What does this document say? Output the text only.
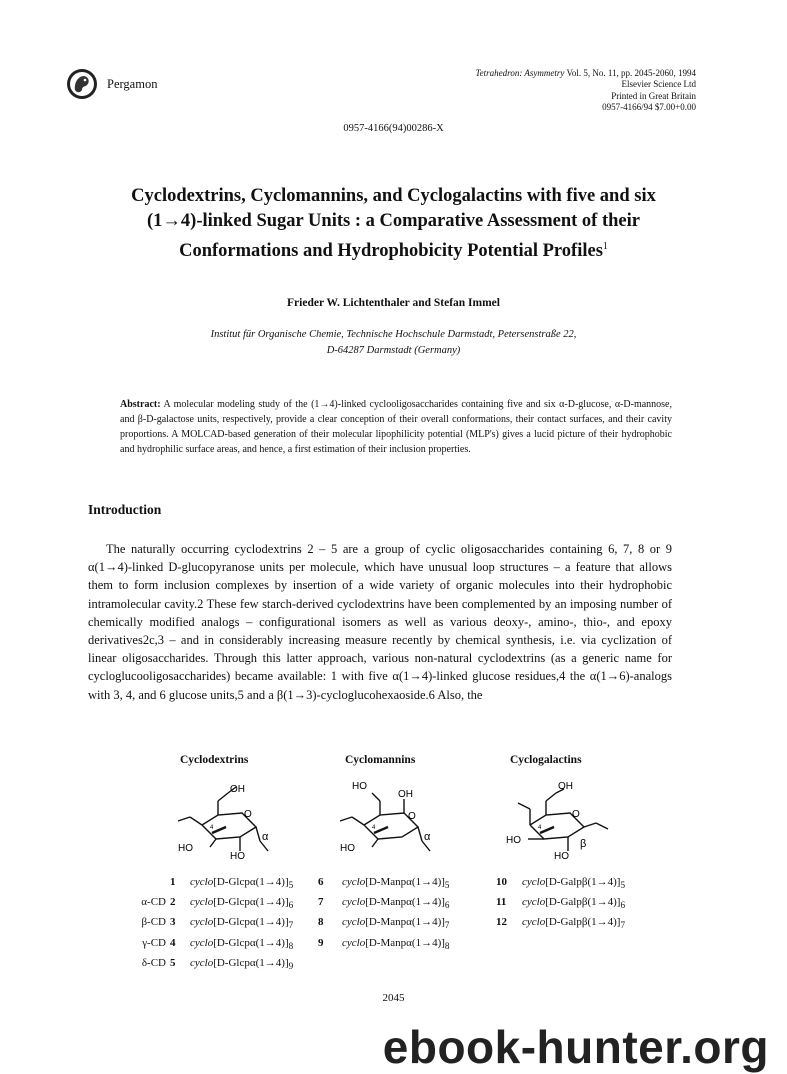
Pergamon
Tetrahedron: Asymmetry Vol. 5, No. 11, pp. 2045-2060, 1994
Elsevier Science Ltd
Printed in Great Britain
0957-4166/94 $7.00+0.00
0957-4166(94)00286-X
Cyclodextrins, Cyclomannins, and Cyclogalactins with five and six
(1→4)-linked Sugar Units : a Comparative Assessment of their
Conformations and Hydrophobicity Potential Profiles$^1$
Frieder W. Lichtenthaler and Stefan Immel
Institut für Organische Chemie, Technische Hochschule Darmstadt, Petersenstraße 22,
D-64287 Darmstadt (Germany)
Abstract: A molecular modeling study of the (1→4)-linked cyclooligosaccharides containing five and six α-D-glucose, α-D-mannose, and β-D-galactose units, respectively, provide a clear conception of their overall conformations, their contact surfaces, and their cavity proportions. A MOLCAD-based generation of their molecular lipophilicity potential (MLP's) gives a lucid picture of their hydrophobic and hydrophilic surface areas, and hence, a first estimation of their inclusion properties.
Introduction
The naturally occurring cyclodextrins 2 – 5 are a group of cyclic oligosaccharides containing 6, 7, 8 or 9 α(1→4)-linked D-glucopyranose units per molecule, which have unusual loop structures – a feature that allows them to form inclusion complexes by insertion of a wide variety of organic molecules into their hydrophobic intramolecular cavity.2 These few starch-derived cyclodextrins have been complemented by an imposing number of chemically modified analogs – configurational isomers as well as various deoxy-, amino-, thio-, and epoxy derivatives2c,3 – and in considerably increasing measure recently by chemical synthesis, i.e. via cyclization of linear oligosaccharides. Through this latter approach, various non-natural cyclodextrins (as a generic name for cycloglucooligosaccharides) became available: 1 with five α(1→4)-linked glucose residues,4 the α(1→6)-analogs with 3, 4, and 6 glucose units,5 and a β(1→3)-cycloglucohexaoside.6 Also, the
Cyclodextrins	Cyclomannins	Cyclogalactins
OH
O
4
HO
HO
α
HO
OH
O
4
HO
α
OH
O
4
HO
HO
β
1 $cyclo[D-Glcp\alpha(1\to 4)]_5$
α-CD 2 $cyclo[D-Glcp\alpha(1\to 4)]_6$
β-CD 3 $cyclo[D-Glcp\alpha(1\to 4)]_7$
γ-CD 4 $cyclo[D-Glcp\alpha(1\to 4)]_8$
δ-CD 5 $cyclo[D-Glcp\alpha(1\to 4)]_9$
6 $cyclo[D-Manp\alpha(1\to 4)]_5$
7 $cyclo[D-Manp\alpha(1\to 4)]_6$
8 $cyclo[D-Manp\alpha(1\to 4)]_7$
9 $cyclo[D-Manp\alpha(1\to 4)]_8$
10 $cyclo[D-Galp\beta(1\to 4)]_5$
11 $cyclo[D-Galp\beta(1\to 4)]_6$
12 $cyclo[D-Galp\beta(1\to 4)]_7$
2045
ebook-hunter.org
